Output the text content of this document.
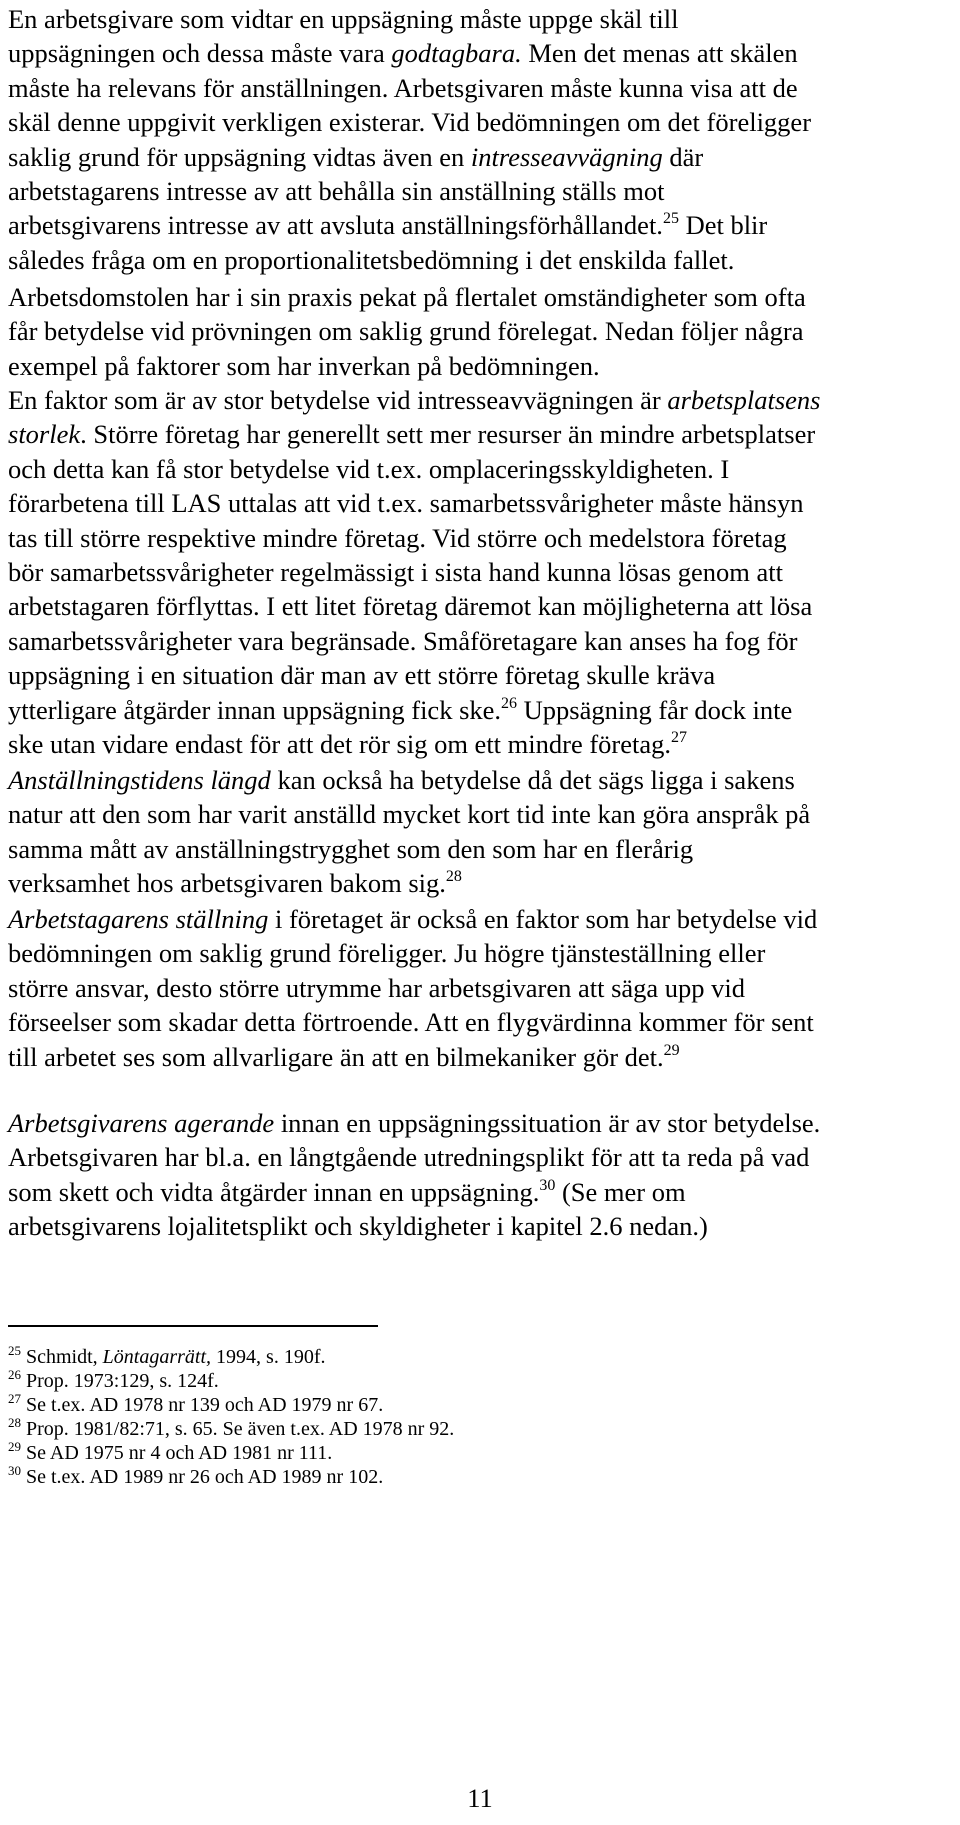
En arbetsgivare som vidtar en uppsägning måste uppge skäl till
uppsägningen och dessa måste vara godtagbara. Men det menas att skälen
måste ha relevans för anställningen. Arbetsgivaren måste kunna visa att de
skäl denne uppgivit verkligen existerar. Vid bedömningen om det föreligger
saklig grund för uppsägning vidtas även en intresseavvägning där
arbetstagarens intresse av att behålla sin anställning ställs mot
arbetsgivarens intresse av att avsluta anställningsförhållandet.$^{25}$ Det blir
således fråga om en proportionalitetsbedömning i det enskilda fallet.
Arbetsdomstolen har i sin praxis pekat på flertalet omständigheter som ofta
får betydelse vid prövningen om saklig grund förelegat. Nedan följer några
exempel på faktorer som har inverkan på bedömningen.
En faktor som är av stor betydelse vid intresseavvägningen är arbetsplatsens
storlek. Större företag har generellt sett mer resurser än mindre arbetsplatser
och detta kan få stor betydelse vid t.ex. omplaceringsskyldigheten. I
förarbetena till LAS uttalas att vid t.ex. samarbetssvårigheter måste hänsyn
tas till större respektive mindre företag. Vid större och medelstora företag
bör samarbetssvårigheter regelmässigt i sista hand kunna lösas genom att
arbetstagaren förflyttas. I ett litet företag däremot kan möjligheterna att lösa
samarbetssvårigheter vara begränsade. Småföretagare kan anses ha fog för
uppsägning i en situation där man av ett större företag skulle kräva
ytterligare åtgärder innan uppsägning fick ske.$^{26}$ Uppsägning får dock inte
ske utan vidare endast för att det rör sig om ett mindre företag.$^{27}$
Anställningstidens längd kan också ha betydelse då det sägs ligga i sakens
natur att den som har varit anställd mycket kort tid inte kan göra anspråk på
samma mått av anställningstrygghet som den som har en flerårig
verksamhet hos arbetsgivaren bakom sig.$^{28}$
Arbetstagarens ställning i företaget är också en faktor som har betydelse vid
bedömningen om saklig grund föreligger. Ju högre tjänsteställning eller
större ansvar, desto större utrymme har arbetsgivaren att säga upp vid
förseelser som skadar detta förtroende. Att en flygvärdinna kommer för sent
till arbetet ses som allvarligare än att en bilmekaniker gör det.$^{29}$
Arbetsgivarens agerande innan en uppsägningssituation är av stor betydelse.
Arbetsgivaren har bl.a. en långtgående utredningsplikt för att ta reda på vad
som skett och vidta åtgärder innan en uppsägning.$^{30}$ (Se mer om
arbetsgivarens lojalitetsplikt och skyldigheter i kapitel 2.6 nedan.)
$^{25}$ Schmidt, Löntagarrätt, 1994, s. 190f.
$^{26}$ Prop. 1973:129, s. 124f.
$^{27}$ Se t.ex. AD 1978 nr 139 och AD 1979 nr 67.
$^{28}$ Prop. 1981/82:71, s. 65. Se även t.ex. AD 1978 nr 92.
$^{29}$ Se AD 1975 nr 4 och AD 1981 nr 111.
$^{30}$ Se t.ex. AD 1989 nr 26 och AD 1989 nr 102.
11
